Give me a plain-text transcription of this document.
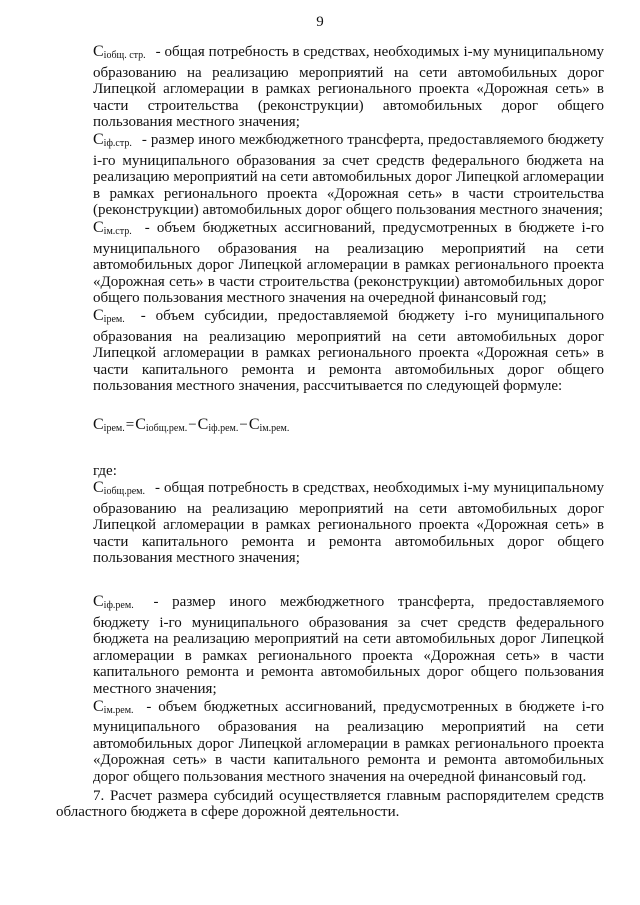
9

$C_{iобщ. стр.}$ - общая потребность в средствах, необходимых i-му муниципальному образованию на реализацию мероприятий на сети автомобильных дорог Липецкой агломерации в рамках регионального проекта «Дорожная сеть» в части строительства (реконструкции) автомобильных дорог общего пользования местного значения;

$C_{iф.стр.}$ - размер иного межбюджетного трансферта, предоставляемого бюджету i-го муниципального образования за счет средств федерального бюджета на реализацию мероприятий на сети автомобильных дорог Липецкой агломерации в рамках регионального проекта «Дорожная сеть» в части строительства (реконструкции) автомобильных дорог общего пользования местного значения;

$C_{iм.стр.}$ - объем бюджетных ассигнований, предусмотренных в бюджете i-го муниципального образования на реализацию мероприятий на сети автомобильных дорог Липецкой агломерации в рамках регионального проекта «Дорожная сеть» в части строительства (реконструкции) автомобильных дорог общего пользования местного значения на очередной финансовый год;

$C_{iрем.}$ - объем субсидии, предоставляемой бюджету i-го муниципального образования на реализацию мероприятий на сети автомобильных дорог Липецкой агломерации в рамках регионального проекта «Дорожная сеть» в части капитального ремонта и ремонта автомобильных дорог общего пользования местного значения, рассчитывается по следующей формуле:

Ciрем.=Ciобщ.рем.−Ciф.рем.−Ciм.рем.

где:

$C_{iобщ.рем.}$ - общая потребность в средствах, необходимых i-му муниципальному образованию на реализацию мероприятий на сети автомобильных дорог Липецкой агломерации в рамках регионального проекта «Дорожная сеть» в части капитального ремонта и ремонта автомобильных дорог общего пользования местного значения;

$C_{iф.рем.}$ - размер иного межбюджетного трансферта, предоставляемого бюджету i-го муниципального образования за счет средств федерального бюджета на реализацию мероприятий на сети автомобильных дорог Липецкой агломерации в рамках регионального проекта «Дорожная сеть» в части капитального ремонта и ремонта автомобильных дорог общего пользования местного значения;

$C_{iм.рем.}$ - объем бюджетных ассигнований, предусмотренных в бюджете i-го муниципального образования на реализацию мероприятий на сети автомобильных дорог Липецкой агломерации в рамках регионального проекта «Дорожная сеть» в части капитального ремонта и ремонта автомобильных дорог общего пользования местного значения на очередной финансовый год.

7. Расчет размера субсидий осуществляется главным распорядителем средств областного бюджета в сфере дорожной деятельности.
